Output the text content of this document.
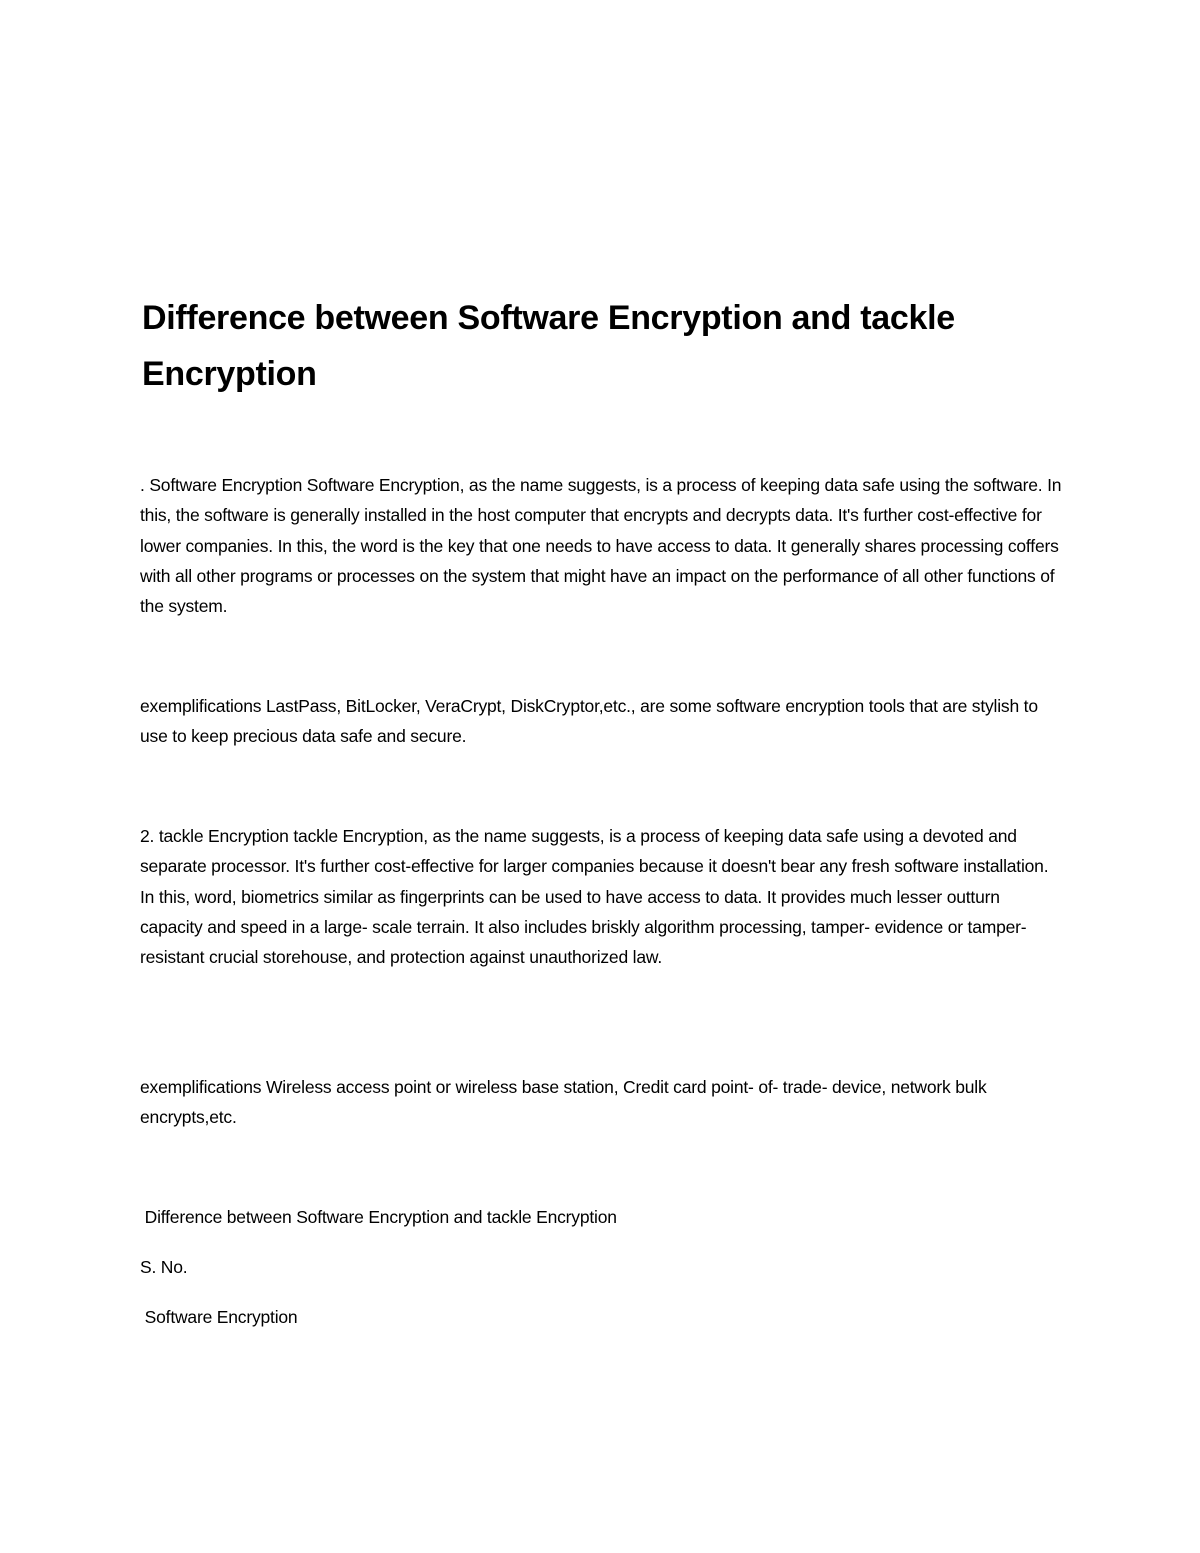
Difference between Software Encryption and tackle Encryption

. Software Encryption Software Encryption, as the name suggests, is a process of keeping data safe using the software. In this, the software is generally installed in the host computer that encrypts and decrypts data. It's further cost-effective for lower companies. In this, the word is the key that one needs to have access to data. It generally shares processing coffers with all other programs or processes on the system that might have an impact on the performance of all other functions of the system.

exemplifications LastPass, BitLocker, VeraCrypt, DiskCryptor,etc., are some software encryption tools that are stylish to use to keep precious data safe and secure.

2. tackle Encryption tackle Encryption, as the name suggests, is a process of keeping data safe using a devoted and separate processor. It's further cost-effective for larger companies because it doesn't bear any fresh software installation. In this, word, biometrics similar as fingerprints can be used to have access to data. It provides much lesser outturn capacity and speed in a large- scale terrain. It also includes briskly algorithm processing, tamper- evidence or tamper- resistant crucial storehouse, and protection against unauthorized law.

exemplifications Wireless access point or wireless base station, Credit card point- of- trade- device, network bulk encrypts,etc.

Difference between Software Encryption and tackle Encryption

S. No.

Software Encryption
